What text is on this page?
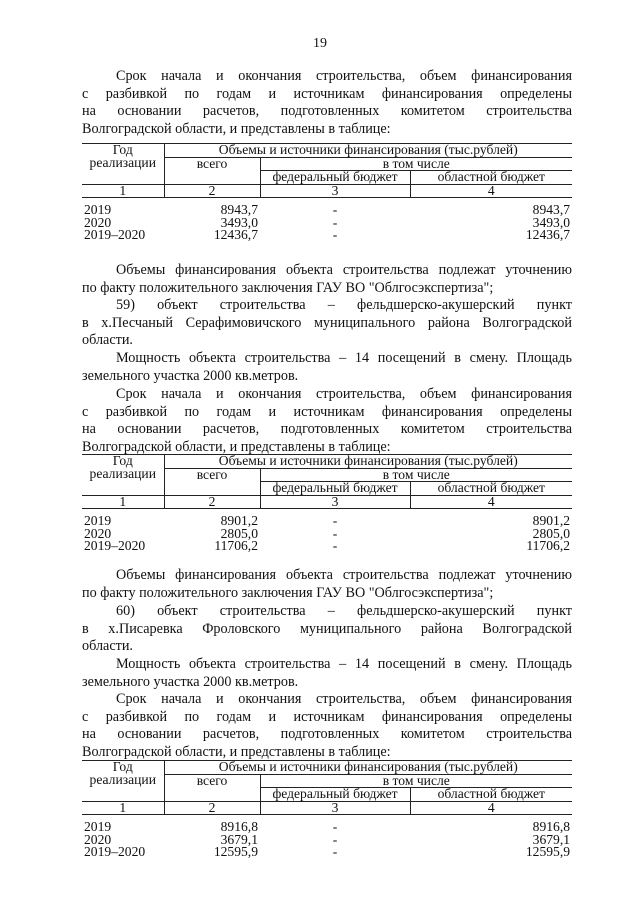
19
Срок начала и окончания строительства, объем финансирования
с разбивкой по годам и источникам финансирования определены
на основании расчетов, подготовленных комитетом строительства
Волгоградской области, и представлены в таблице:
Год
реализации	Объемы и источники финансирования (тыс.рублей)		
	всего	в том числе	
		федеральный бюджет	областной бюджет
1	2	3	4

2019	8943,7	-	8943,7
2020	3493,0	-	3493,0
2019–2020	12436,7	-	12436,7
Объемы финансирования объекта строительства подлежат уточнению
по факту положительного заключения ГАУ ВО "Облгосэкспертиза";
59) объект строительства – фельдшерско-акушерский пункт
в х.Песчаный Серафимовичского муниципального района Волгоградской
области.
Мощность объекта строительства – 14 посещений в смену. Площадь
земельного участка 2000 кв.метров.
Срок начала и окончания строительства, объем финансирования
с разбивкой по годам и источникам финансирования определены
на основании расчетов, подготовленных комитетом строительства
Волгоградской области, и представлены в таблице:
Год
реализации	Объемы и источники финансирования (тыс.рублей)		
	всего	в том числе	
		федеральный бюджет	областной бюджет
1	2	3	4

2019	8901,2	-	8901,2
2020	2805,0	-	2805,0
2019–2020	11706,2	-	11706,2
Объемы финансирования объекта строительства подлежат уточнению
по факту положительного заключения ГАУ ВО "Облгосэкспертиза";
60) объект строительства – фельдшерско-акушерский пункт
в х.Писаревка Фроловского муниципального района Волгоградской
области.
Мощность объекта строительства – 14 посещений в смену. Площадь
земельного участка 2000 кв.метров.
Срок начала и окончания строительства, объем финансирования
с разбивкой по годам и источникам финансирования определены
на основании расчетов, подготовленных комитетом строительства
Волгоградской области, и представлены в таблице:
Год
реализации	Объемы и источники финансирования (тыс.рублей)		
	всего	в том числе	
		федеральный бюджет	областной бюджет
1	2	3	4

2019	8916,8	-	8916,8
2020	3679,1	-	3679,1
2019–2020	12595,9	-	12595,9
